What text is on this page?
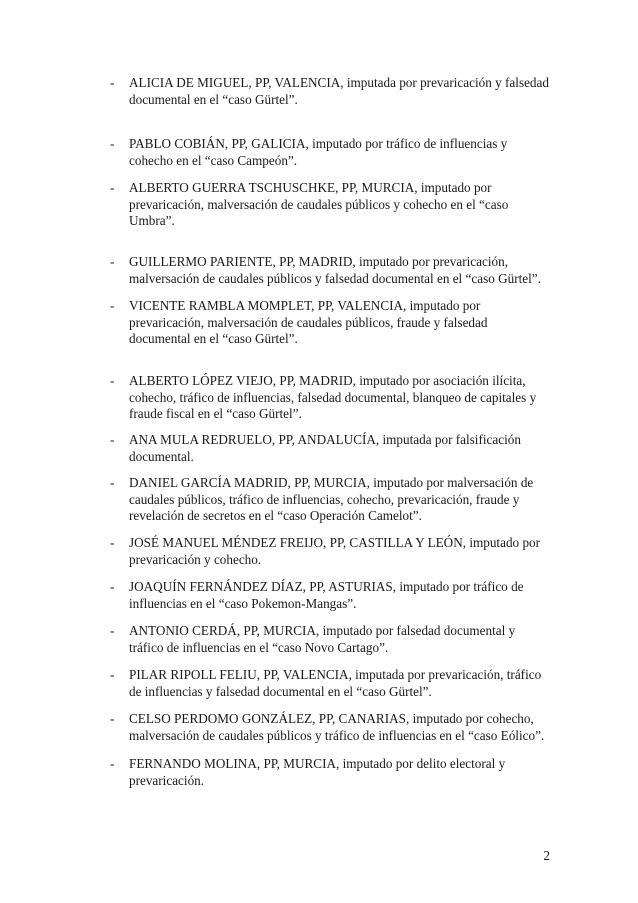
- ALICIA DE MIGUEL, PP, VALENCIA, imputada por prevaricación y falsedad documental en el “caso Gürtel”.
- PABLO COBIÁN, PP, GALICIA, imputado por tráfico de influencias y cohecho en el “caso Campeón”.
- ALBERTO GUERRA TSCHUSCHKE, PP, MURCIA, imputado por prevaricación, malversación de caudales públicos y cohecho en el “caso Umbra”.
- GUILLERMO PARIENTE, PP, MADRID, imputado por prevaricación, malversación de caudales públicos y falsedad documental en el “caso Gürtel”.
- VICENTE RAMBLA MOMPLET, PP, VALENCIA, imputado por prevaricación, malversación de caudales públicos, fraude y falsedad documental en el “caso Gürtel”.
- ALBERTO LÓPEZ VIEJO, PP, MADRID, imputado por asociación ilícita, cohecho, tráfico de influencias, falsedad documental, blanqueo de capitales y fraude fiscal en el “caso Gürtel”.
- ANA MULA REDRUELO, PP, ANDALUCÍA, imputada por falsificación documental.
- DANIEL GARCÍA MADRID, PP, MURCIA, imputado por malversación de caudales públicos, tráfico de influencias, cohecho, prevaricación, fraude y revelación de secretos en el “caso Operación Camelot”.
- JOSÉ MANUEL MÉNDEZ FREIJO, PP, CASTILLA Y LEÓN, imputado por prevaricación y cohecho.
- JOAQUÍN FERNÁNDEZ DÍAZ, PP, ASTURIAS, imputado por tráfico de influencias en el “caso Pokemon-Mangas”.
- ANTONIO CERDÁ, PP, MURCIA, imputado por falsedad documental y tráfico de influencias en el “caso Novo Cartago”.
- PILAR RIPOLL FELIU, PP, VALENCIA, imputada por prevaricación, tráfico de influencias y falsedad documental en el “caso Gürtel”.
- CELSO PERDOMO GONZÁLEZ, PP, CANARIAS, imputado por cohecho, malversación de caudales públicos y tráfico de influencias en el “caso Eólico”.
- FERNANDO MOLINA, PP, MURCIA, imputado por delito electoral y prevaricación.
2
